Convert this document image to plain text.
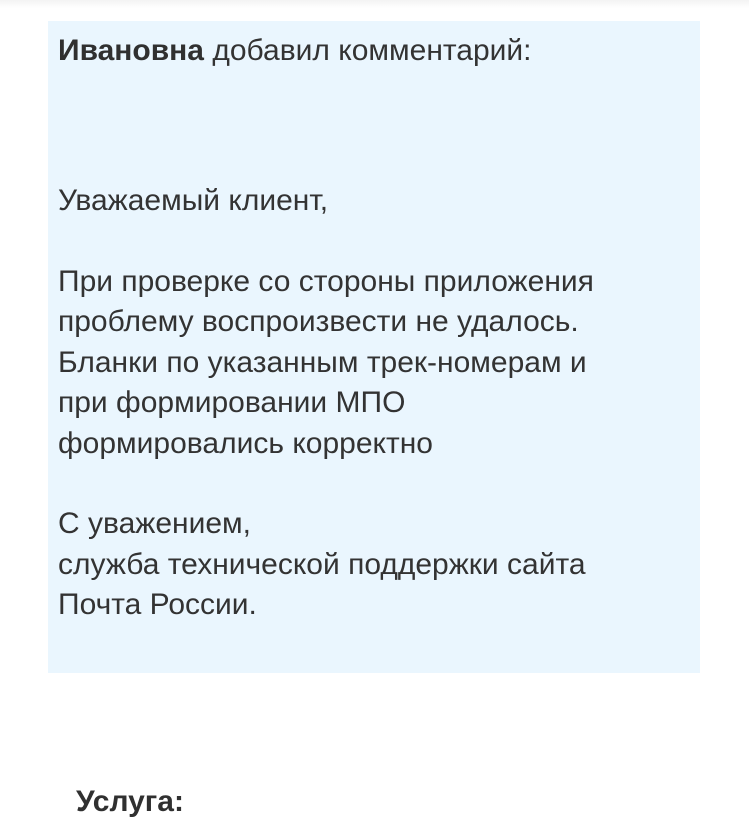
Ивановна добавил комментарий:

Уважаемый клиент,

При проверке со стороны приложения
проблему воспроизвести не удалось.
Бланки по указанным трек-номерам и
при формировании МПО
формировались корректно

С уважением,
служба технической поддержки сайта
Почта России.

Услуга:
